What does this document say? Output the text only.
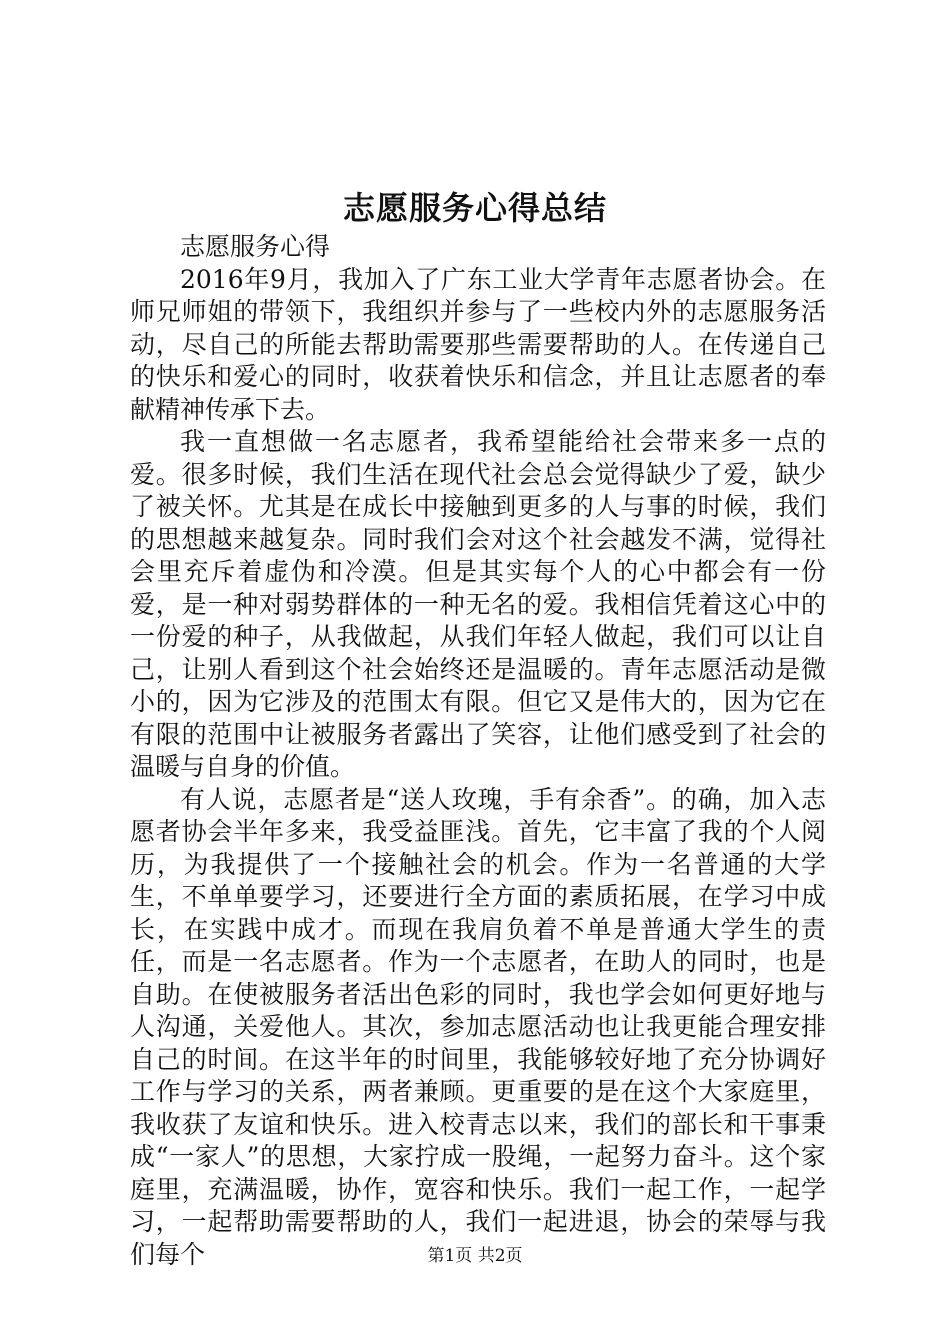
志愿服务心得总结

志愿服务心得

2016年9月，我加入了广东工业大学青年志愿者协会。在师兄师姐的带领下，我组织并参与了一些校内外的志愿服务活动，尽自己的所能去帮助需要那些需要帮助的人。在传递自己的快乐和爱心的同时，收获着快乐和信念，并且让志愿者的奉献精神传承下去。

我一直想做一名志愿者，我希望能给社会带来多一点的爱。很多时候，我们生活在现代社会总会觉得缺少了爱，缺少了被关怀。尤其是在成长中接触到更多的人与事的时候，我们的思想越来越复杂。同时我们会对这个社会越发不满，觉得社会里充斥着虚伪和冷漠。但是其实每个人的心中都会有一份爱，是一种对弱势群体的一种无名的爱。我相信凭着这心中的一份爱的种子，从我做起，从我们年轻人做起，我们可以让自己，让别人看到这个社会始终还是温暖的。青年志愿活动是微小的，因为它涉及的范围太有限。但它又是伟大的，因为它在有限的范围中让被服务者露出了笑容，让他们感受到了社会的温暖与自身的价值。

有人说，志愿者是“送人玫瑰，手有余香”。的确，加入志愿者协会半年多来，我受益匪浅。首先，它丰富了我的个人阅历，为我提供了一个接触社会的机会。作为一名普通的大学生，不单单要学习，还要进行全方面的素质拓展，在学习中成长，在实践中成才。而现在我肩负着不单是普通大学生的责任，而是一名志愿者。作为一个志愿者，在助人的同时，也是自助。在使被服务者活出色彩的同时，我也学会如何更好地与人沟通，关爱他人。其次，参加志愿活动也让我更能合理安排自己的时间。在这半年的时间里，我能够较好地了充分协调好工作与学习的关系，两者兼顾。更重要的是在这个大家庭里，我收获了友谊和快乐。进入校青志以来，我们的部长和干事秉成“一家人”的思想，大家拧成一股绳，一起努力奋斗。这个家庭里，充满温暖，协作，宽容和快乐。我们一起工作，一起学习，一起帮助需要帮助的人，我们一起进退，协会的荣辱与我们每个	第1页 共2页
